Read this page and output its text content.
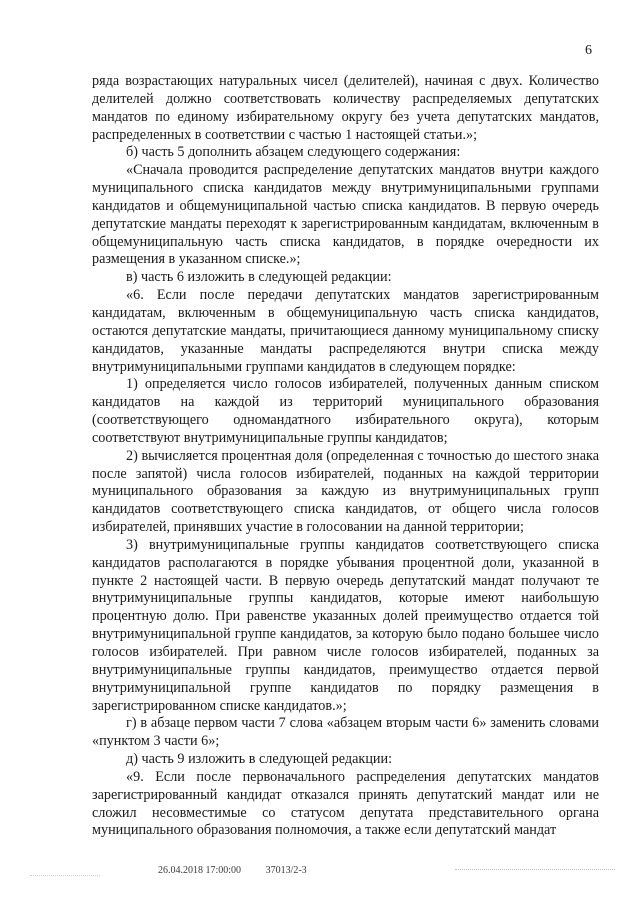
6

ряда возрастающих натуральных чисел (делителей), начиная с двух. Количество делителей должно соответствовать количеству распределяемых депутатских мандатов по единому избирательному округу без учета депутатских мандатов, распределенных в соответствии с частью 1 настоящей статьи.»;

б) часть 5 дополнить абзацем следующего содержания:

«Сначала проводится распределение депутатских мандатов внутри каждого муниципального списка кандидатов между внутримуниципальными группами кандидатов и общемуниципальной частью списка кандидатов. В первую очередь депутатские мандаты переходят к зарегистрированным кандидатам, включенным в общемуниципальную часть списка кандидатов, в порядке очередности их размещения в указанном списке.»;

в) часть 6 изложить в следующей редакции:

«6. Если после передачи депутатских мандатов зарегистрированным кандидатам, включенным в общемуниципальную часть списка кандидатов, остаются депутатские мандаты, причитающиеся данному муниципальному списку кандидатов, указанные мандаты распределяются внутри списка между внутримуниципальными группами кандидатов в следующем порядке:

1) определяется число голосов избирателей, полученных данным списком кандидатов на каждой из территорий муниципального образования (соответствующего одномандатного избирательного округа), которым соответствуют внутримуниципальные группы кандидатов;

2) вычисляется процентная доля (определенная с точностью до шестого знака после запятой) числа голосов избирателей, поданных на каждой территории муниципального образования за каждую из внутримуниципальных групп кандидатов соответствующего списка кандидатов, от общего числа голосов избирателей, принявших участие в голосовании на данной территории;

3) внутримуниципальные группы кандидатов соответствующего списка кандидатов располагаются в порядке убывания процентной доли, указанной в пункте 2 настоящей части. В первую очередь депутатский мандат получают те внутримуниципальные группы кандидатов, которые имеют наибольшую процентную долю. При равенстве указанных долей преимущество отдается той внутримуниципальной группе кандидатов, за которую было подано большее число голосов избирателей. При равном числе голосов избирателей, поданных за внутримуниципальные группы кандидатов, преимущество отдается первой внутримуниципальной группе кандидатов по порядку размещения в зарегистрированном списке кандидатов.»;

г) в абзаце первом части 7 слова «абзацем вторым части 6» заменить словами «пунктом 3 части 6»;

д) часть 9 изложить в следующей редакции:

«9. Если после первоначального распределения депутатских мандатов зарегистрированный кандидат отказался принять депутатский мандат или не сложил несовместимые со статусом депутата представительного органа муниципального образования полномочия, а также если депутатский мандат

26.04.2018 17:00:00 37013/2-3
